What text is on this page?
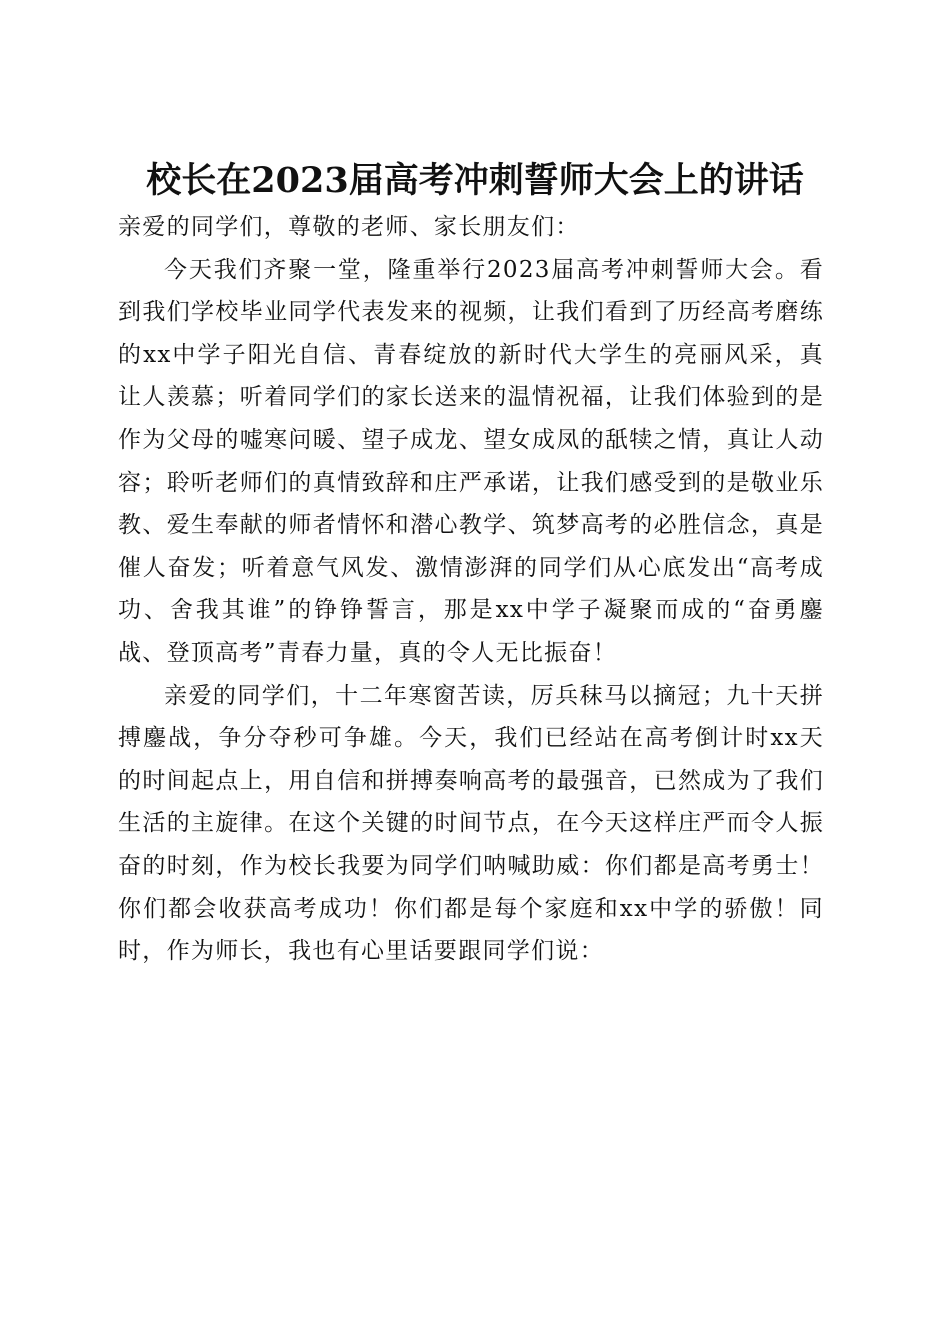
校长在2023届高考冲刺誓师大会上的讲话

亲爱的同学们，尊敬的老师、家长朋友们：

今天我们齐聚一堂，隆重举行2023届高考冲刺誓师大会。看到我们学校毕业同学代表发来的视频，让我们看到了历经高考磨练的xx中学子阳光自信、青春绽放的新时代大学生的亮丽风采，真让人羡慕；听着同学们的家长送来的温情祝福，让我们体验到的是作为父母的嘘寒问暖、望子成龙、望女成凤的舐犊之情，真让人动容；聆听老师们的真情致辞和庄严承诺，让我们感受到的是敬业乐教、爱生奉献的师者情怀和潜心教学、筑梦高考的必胜信念，真是催人奋发；听着意气风发、激情澎湃的同学们从心底发出“高考成功、舍我其谁”的铮铮誓言，那是xx中学子凝聚而成的“奋勇鏖战、登顶高考”青春力量，真的令人无比振奋！

亲爱的同学们，十二年寒窗苦读，厉兵秣马以摘冠；九十天拼搏鏖战，争分夺秒可争雄。今天，我们已经站在高考倒计时xx天的时间起点上，用自信和拼搏奏响高考的最强音，已然成为了我们生活的主旋律。在这个关键的时间节点，在今天这样庄严而令人振奋的时刻，作为校长我要为同学们呐喊助威：你们都是高考勇士！你们都会收获高考成功！你们都是每个家庭和xx中学的骄傲！同时，作为师长，我也有心里话要跟同学们说：
